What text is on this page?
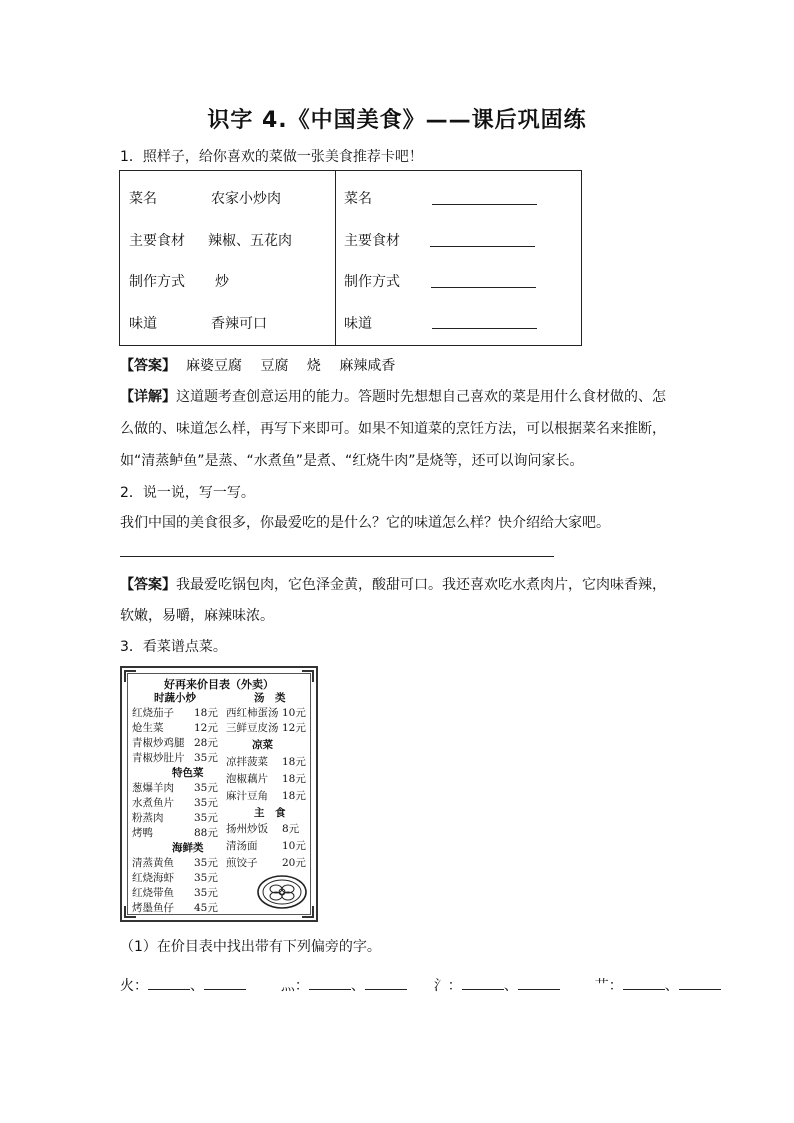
识字 4.《中国美食》——课后巩固练
1．照样子，给你喜欢的菜做一张美食推荐卡吧！
菜名	农家小炒肉
主要食材 辣椒、五花肉
制作方式 炒
味道	香辣可口
菜名
主要食材
制作方式
味道
【答案】 麻婆豆腐　 豆腐　 烧　 麻辣咸香
【详解】这道题考查创意运用的能力。答题时先想想自己喜欢的菜是用什么食材做的、怎
么做的、味道怎么样，再写下来即可。如果不知道菜的烹饪方法，可以根据菜名来推断，
如“清蒸鲈鱼”是蒸、“水煮鱼”是煮、“红烧牛肉”是烧等，还可以询问家长。
2．说一说，写一写。
我们中国的美食很多，你最爱吃的是什么？它的味道怎么样？快介绍给大家吧。
【答案】我最爱吃锅包肉，它色泽金黄，酸甜可口。我还喜欢吃水煮肉片，它肉味香辣，
软嫩，易嚼，麻辣味浓。
3．看菜谱点菜。
好再来价目表（外卖）
时蔬小炒
红烧茄子 18元
炝生菜	12元
青椒炒鸡腿 28元
青椒炒肚片 35元
特色菜
葱爆羊肉 35元
水煮鱼片 35元
粉蒸肉	35元
烤鸭	88元
海鲜类
清蒸黄鱼 35元
红烧海虾 35元
红烧带鱼 35元
烤墨鱼仔 45元
汤　类
西红柿蛋汤 10元
三鲜豆皮汤 12元
凉菜
凉拌菠菜 18元
泡椒藕片 18元
麻汁豆角 18元
主　食
扬州炒饭 8元
清汤面 10元
煎饺子 20元
（1）在价目表中找出带有下列偏旁的字。
火：	、	灬：	、	氵：	、	艹：	、
